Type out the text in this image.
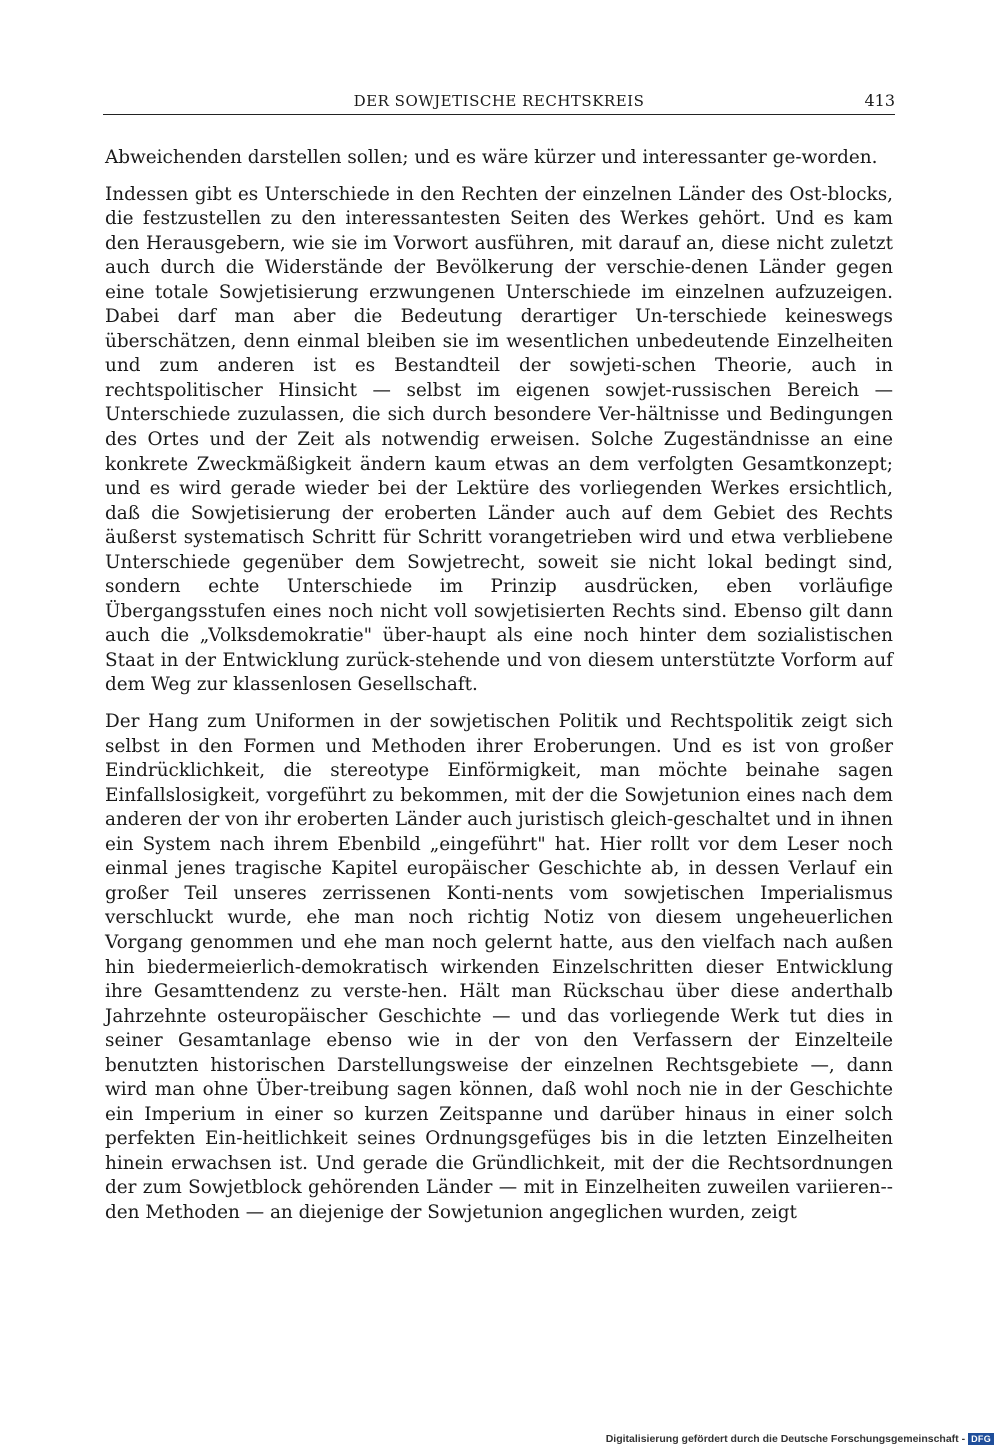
DER SOWJETISCHE RECHTSKREIS	413

Abweichenden darstellen sollen; und es wäre kürzer und interessanter ge-worden.

Indessen gibt es Unterschiede in den Rechten der einzelnen Länder des Ost-blocks, die festzustellen zu den interessantesten Seiten des Werkes gehört. Und es kam den Herausgebern, wie sie im Vorwort ausführen, mit darauf an, diese nicht zuletzt auch durch die Widerstände der Bevölkerung der verschie-denen Länder gegen eine totale Sowjetisierung erzwungenen Unterschiede im einzelnen aufzuzeigen. Dabei darf man aber die Bedeutung derartiger Un-terschiede keineswegs überschätzen, denn einmal bleiben sie im wesentlichen unbedeutende Einzelheiten und zum anderen ist es Bestandteil der sowjeti-schen Theorie, auch in rechtspolitischer Hinsicht — selbst im eigenen sowjet-russischen Bereich — Unterschiede zuzulassen, die sich durch besondere Ver-hältnisse und Bedingungen des Ortes und der Zeit als notwendig erweisen. Solche Zugeständnisse an eine konkrete Zweckmäßigkeit ändern kaum etwas an dem verfolgten Gesamtkonzept; und es wird gerade wieder bei der Lektüre des vorliegenden Werkes ersichtlich, daß die Sowjetisierung der eroberten Länder auch auf dem Gebiet des Rechts äußerst systematisch Schritt für Schritt vorangetrieben wird und etwa verbliebene Unterschiede gegenüber dem Sowjetrecht, soweit sie nicht lokal bedingt sind, sondern echte Unterschiede im Prinzip ausdrücken, eben vorläufige Übergangsstufen eines noch nicht voll sowjetisierten Rechts sind. Ebenso gilt dann auch die „Volksdemokratie" über-haupt als eine noch hinter dem sozialistischen Staat in der Entwicklung zurück-stehende und von diesem unterstützte Vorform auf dem Weg zur klassenlosen Gesellschaft.

Der Hang zum Uniformen in der sowjetischen Politik und Rechtspolitik zeigt sich selbst in den Formen und Methoden ihrer Eroberungen. Und es ist von großer Eindrücklichkeit, die stereotype Einförmigkeit, man möchte beinahe sagen Einfallslosigkeit, vorgeführt zu bekommen, mit der die Sowjetunion eines nach dem anderen der von ihr eroberten Länder auch juristisch gleich-geschaltet und in ihnen ein System nach ihrem Ebenbild „eingeführt" hat. Hier rollt vor dem Leser noch einmal jenes tragische Kapitel europäischer Geschichte ab, in dessen Verlauf ein großer Teil unseres zerrissenen Konti-nents vom sowjetischen Imperialismus verschluckt wurde, ehe man noch richtig Notiz von diesem ungeheuerlichen Vorgang genommen und ehe man noch gelernt hatte, aus den vielfach nach außen hin biedermeierlich-demokratisch wirkenden Einzelschritten dieser Entwicklung ihre Gesamttendenz zu verste-hen. Hält man Rückschau über diese anderthalb Jahrzehnte osteuropäischer Geschichte — und das vorliegende Werk tut dies in seiner Gesamtanlage ebenso wie in der von den Verfassern der Einzelteile benutzten historischen Darstellungsweise der einzelnen Rechtsgebiete —, dann wird man ohne Über-treibung sagen können, daß wohl noch nie in der Geschichte ein Imperium in einer so kurzen Zeitspanne und darüber hinaus in einer solch perfekten Ein-heitlichkeit seines Ordnungsgefüges bis in die letzten Einzelheiten hinein erwachsen ist. Und gerade die Gründlichkeit, mit der die Rechtsordnungen der zum Sowjetblock gehörenden Länder — mit in Einzelheiten zuweilen variieren-den Methoden — an diejenige der Sowjetunion angeglichen wurden, zeigt

Digitalisierung gefördert durch die Deutsche Forschungsgemeinschaft - DFG
